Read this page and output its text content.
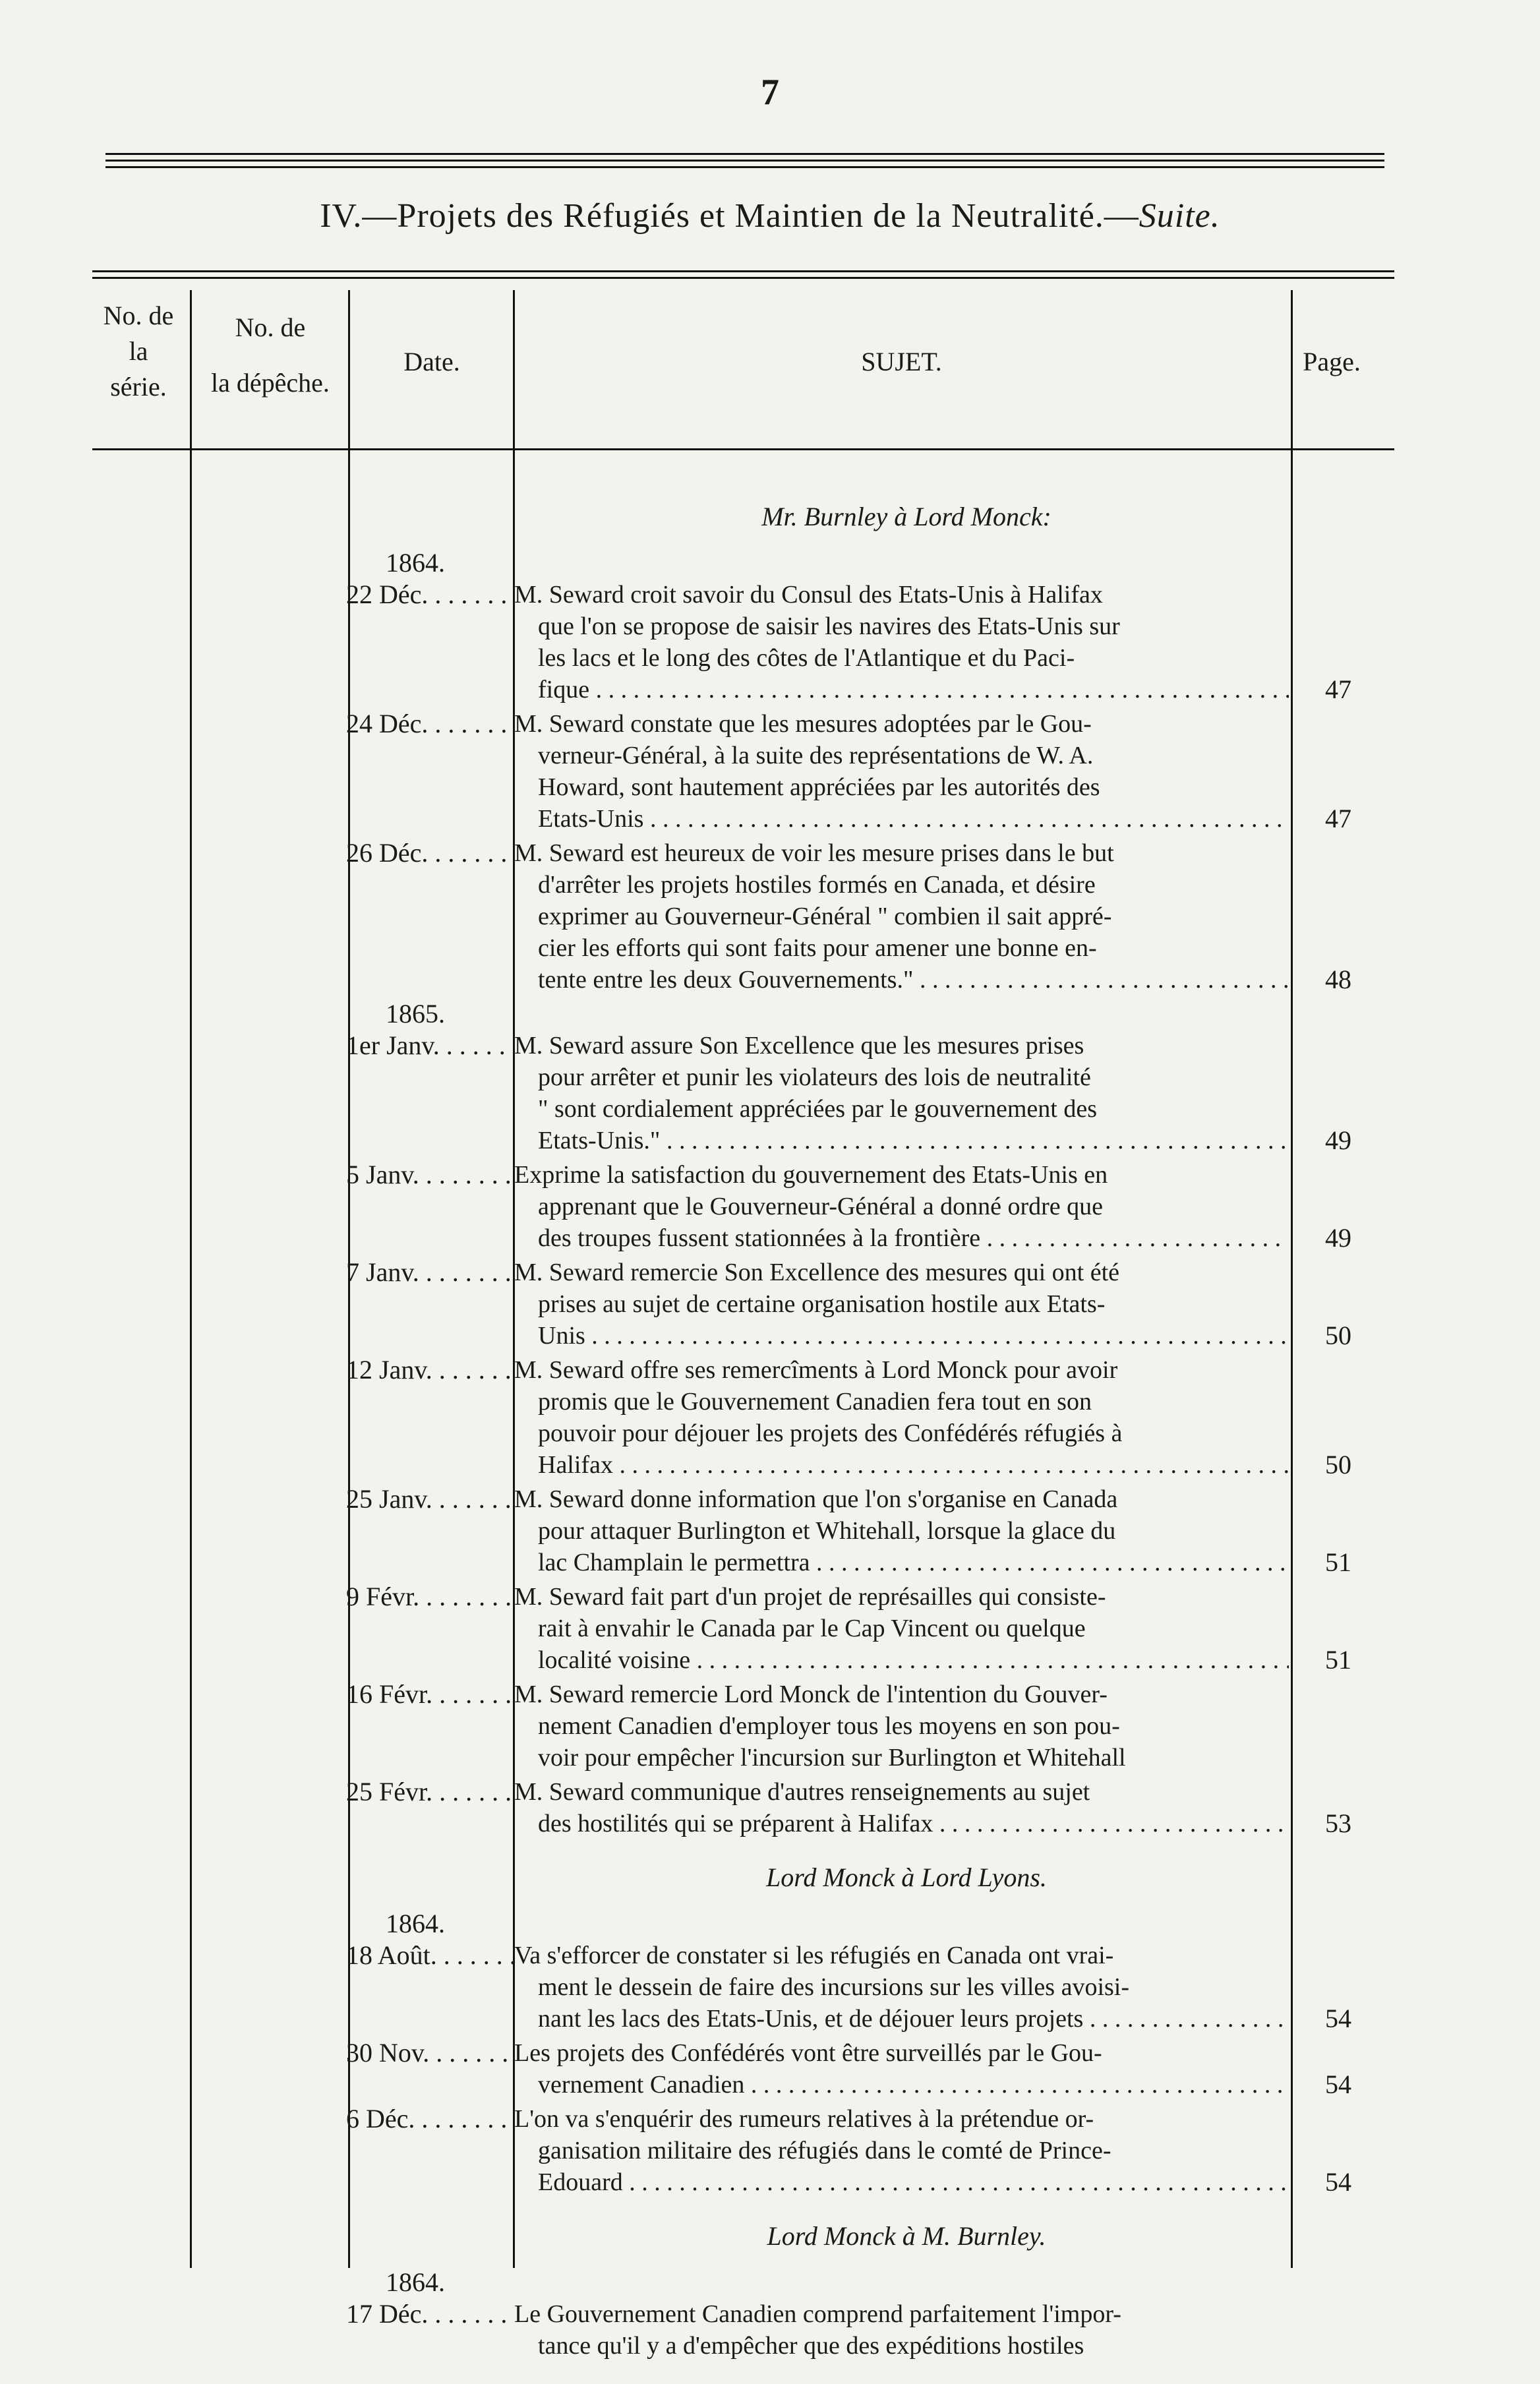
7
IV.—Projets des Réfugiés et Maintien de la Neutralité.—Suite.
No. de
la
série.
No. de
la dépêche.
Date.	SUJET.	Page.
Mr. Burnley à Lord Monck:
1864.
22 Déc. . . .	M. Seward croit savoir du Consul des Etats-Unis à Halifax
que l'on se propose de saisir les navires des Etats-Unis sur
les lacs et le long des côtes de l'Atlantique et du Paci-
fique . . .	47
24 Déc. . . .	M. Seward constate que les mesures adoptées par le Gou-
verneur-Général, à la suite des représentations de W. A.
Howard, sont hautement appréciées par les autorités des
Etats-Unis . . .	47
26 Déc. . . .	M. Seward est heureux de voir les mesure prises dans le but
d'arrêter les projets hostiles formés en Canada, et désire
exprimer au Gouverneur-Général " combien il sait appré-
cier les efforts qui sont faits pour amener une bonne en-
tente entre les deux Gouvernements." . . .	48
1865.
1er Janv. . . .	M. Seward assure Son Excellence que les mesures prises
pour arrêter et punir les violateurs des lois de neutralité
" sont cordialement appréciées par le gouvernement des
Etats-Unis." . . .	49
5 Janv. . . .	Exprime la satisfaction du gouvernement des Etats-Unis en
apprenant que le Gouverneur-Général a donné ordre que
des troupes fussent stationnées à la frontière . . .	49
7 Janv. . . .	M. Seward remercie Son Excellence des mesures qui ont été
prises au sujet de certaine organisation hostile aux Etats-
Unis . . .	50
12 Janv. . . .	M. Seward offre ses remercîments à Lord Monck pour avoir
promis que le Gouvernement Canadien fera tout en son
pouvoir pour déjouer les projets des Confédérés réfugiés à
Halifax . . .	50
25 Janv. . . .	M. Seward donne information que l'on s'organise en Canada
pour attaquer Burlington et Whitehall, lorsque la glace du
lac Champlain le permettra . . .	51
9 Févr. . . .	M. Seward fait part d'un projet de représailles qui consiste-
rait à envahir le Canada par le Cap Vincent ou quelque
localité voisine . . .	51
16 Févr. . . .	M. Seward remercie Lord Monck de l'intention du Gouver-
nement Canadien d'employer tous les moyens en son pou-
voir pour empêcher l'incursion sur Burlington et Whitehall
25 Févr. . . .	M. Seward communique d'autres renseignements au sujet
des hostilités qui se préparent à Halifax . . .	53
Lord Monck à Lord Lyons.
1864.
18 Août. . . .	Va s'efforcer de constater si les réfugiés en Canada ont vrai-
ment le dessein de faire des incursions sur les villes avoisi-
nant les lacs des Etats-Unis, et de déjouer leurs projets . . .	54
30 Nov. . . .	Les projets des Confédérés vont être surveillés par le Gou-
vernement Canadien . . .	54
6 Déc. . . .	L'on va s'enquérir des rumeurs relatives à la prétendue or-
ganisation militaire des réfugiés dans le comté de Prince-
Edouard . . .	54
Lord Monck à M. Burnley.
1864.
17 Déc. . . .	Le Gouvernement Canadien comprend parfaitement l'impor-
tance qu'il y a d'empêcher que des expéditions hostiles
